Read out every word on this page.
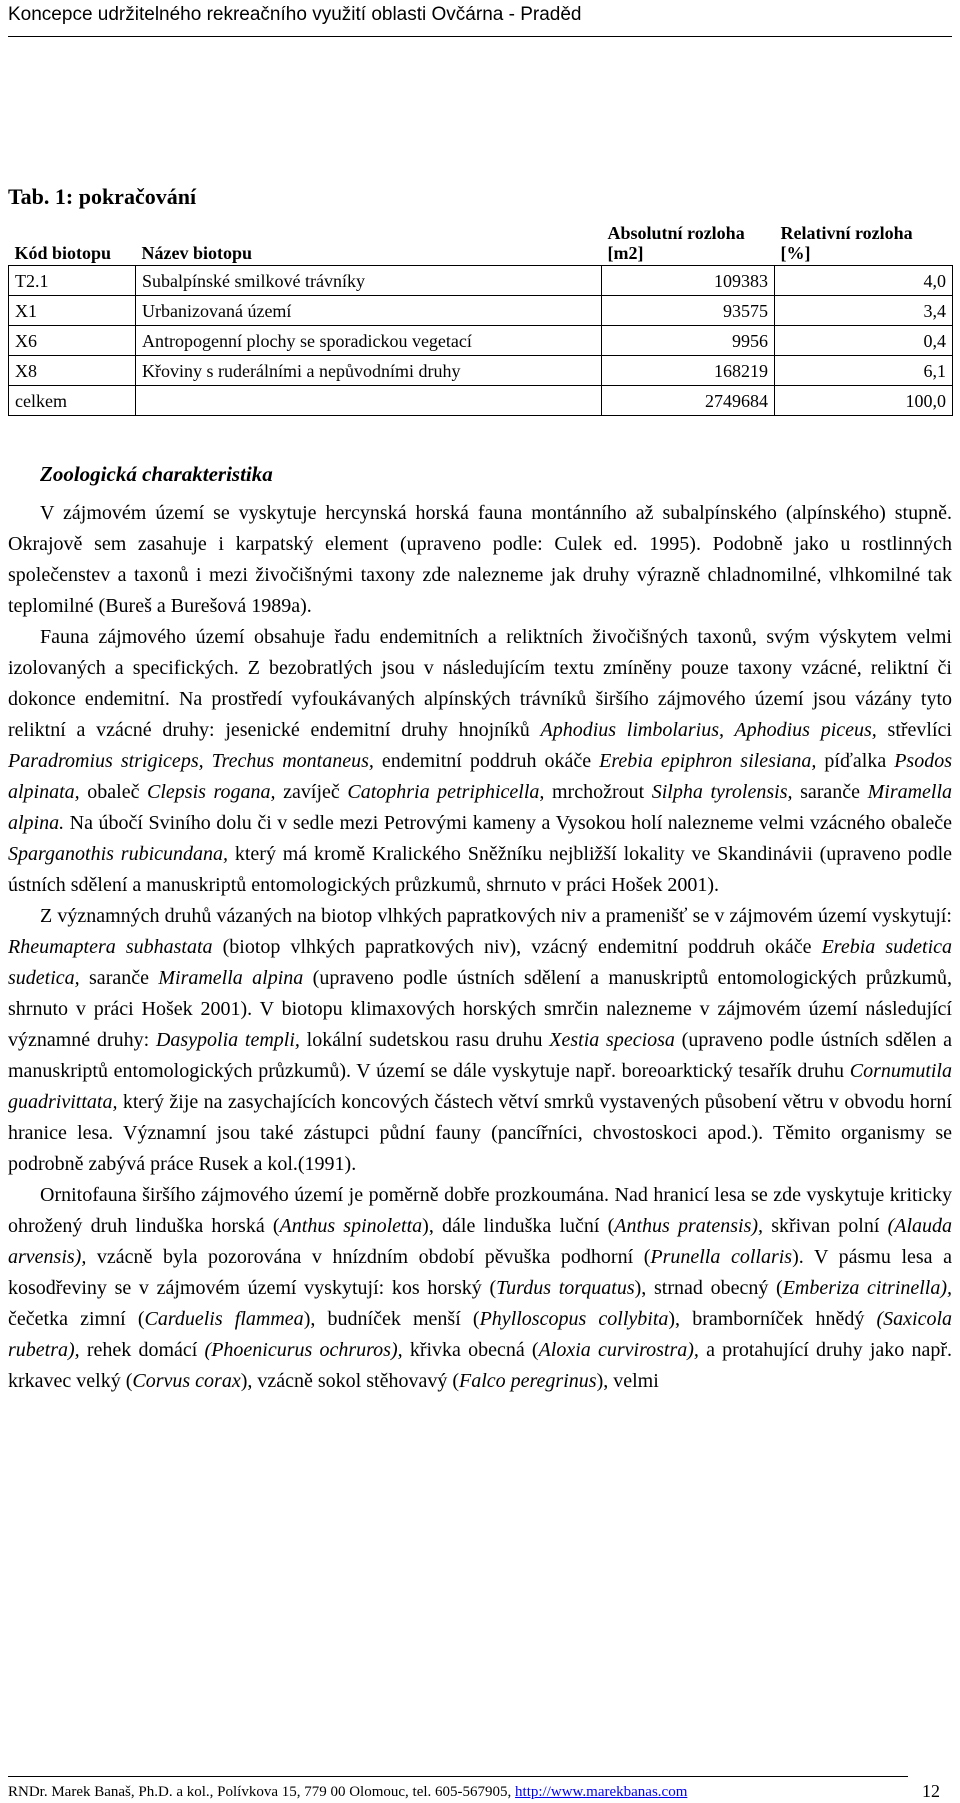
Koncepce udržitelného rekreačního využití oblasti Ovčárna - Praděd
Tab. 1: pokračování
Kód biotopu	Název biotopu	Absolutní rozloha [m2]	Relativní rozloha [%]
T2.1	Subalpínské smilkové trávníky	109383	4,0
X1	Urbanizovaná území	93575	3,4
X6	Antropogenní plochy se sporadickou vegetací	9956	0,4
X8	Křoviny s ruderálními a nepůvodními druhy	168219	6,1
celkem		2749684	100,0
Zoologická charakteristika

V zájmovém území se vyskytuje hercynská horská fauna montánního až subalpínského (alpínského) stupně. Okrajově sem zasahuje i karpatský element (upraveno podle: Culek ed. 1995). Podobně jako u rostlinných společenstev a taxonů i mezi živočišnými taxony zde nalezneme jak druhy výrazně chladnomilné, vlhkomilné tak teplomilné (Bureš a Burešová 1989a).

Fauna zájmového území obsahuje řadu endemitních a reliktních živočišných taxonů, svým výskytem velmi izolovaných a specifických. Z bezobratlých jsou v následujícím textu zmíněny pouze taxony vzácné, reliktní či dokonce endemitní. Na prostředí vyfoukávaných alpínských trávníků širšího zájmového území jsou vázány tyto reliktní a vzácné druhy: jesenické endemitní druhy hnojníků Aphodius limbolarius, Aphodius piceus, střevlíci Paradromius strigiceps, Trechus montaneus, endemitní poddruh okáče Erebia epiphron silesiana, píďalka Psodos alpinata, obaleč Clepsis rogana, zavíječ Catophria petriphicella, mrchožrout Silpha tyrolensis, saranče Miramella alpina. Na úbočí Sviního dolu či v sedle mezi Petrovými kameny a Vysokou holí nalezneme velmi vzácného obaleče Sparganothis rubicundana, který má kromě Kralického Sněžníku nejbližší lokality ve Skandinávii (upraveno podle ústních sdělení a manuskriptů entomologických průzkumů, shrnuto v práci Hošek 2001).

Z významných druhů vázaných na biotop vlhkých papratkových niv a pramenišť se v zájmovém území vyskytují: Rheumaptera subhastata (biotop vlhkých papratkových niv), vzácný endemitní poddruh okáče Erebia sudetica sudetica, saranče Miramella alpina (upraveno podle ústních sdělení a manuskriptů entomologických průzkumů, shrnuto v práci Hošek 2001). V biotopu klimaxových horských smrčin nalezneme v zájmovém území následující významné druhy: Dasypolia templi, lokální sudetskou rasu druhu Xestia speciosa (upraveno podle ústních sdělen a manuskriptů entomologických průzkumů). V území se dále vyskytuje např. boreoarktický tesařík druhu Cornumutila guadrivittata, který žije na zasychajících koncových částech větví smrků vystavených působení větru v obvodu horní hranice lesa. Významní jsou také zástupci půdní fauny (pancířníci, chvostoskoci apod.). Těmito organismy se podrobně zabývá práce Rusek a kol.(1991).

Ornitofauna širšího zájmového území je poměrně dobře prozkoumána. Nad hranicí lesa se zde vyskytuje kriticky ohrožený druh linduška horská (Anthus spinoletta), dále linduška luční (Anthus pratensis), skřivan polní (Alauda arvensis), vzácně byla pozorována v hnízdním období pěvuška podhorní (Prunella collaris). V pásmu lesa a kosodřeviny se v zájmovém území vyskytují: kos horský (Turdus torquatus), strnad obecný (Emberiza citrinella), čečetka zimní (Carduelis flammea), budníček menší (Phylloscopus collybita), bramborníček hnědý (Saxicola rubetra), rehek domácí (Phoenicurus ochruros), křivka obecná (Aloxia curvirostra), a protahující druhy jako např. krkavec velký (Corvus corax), vzácně sokol stěhovavý (Falco peregrinus), velmi

RNDr. Marek Banaš, Ph.D. a kol., Polívkova 15, 779 00 Olomouc, tel. 605-567905, http://www.marekbanas.com	12
